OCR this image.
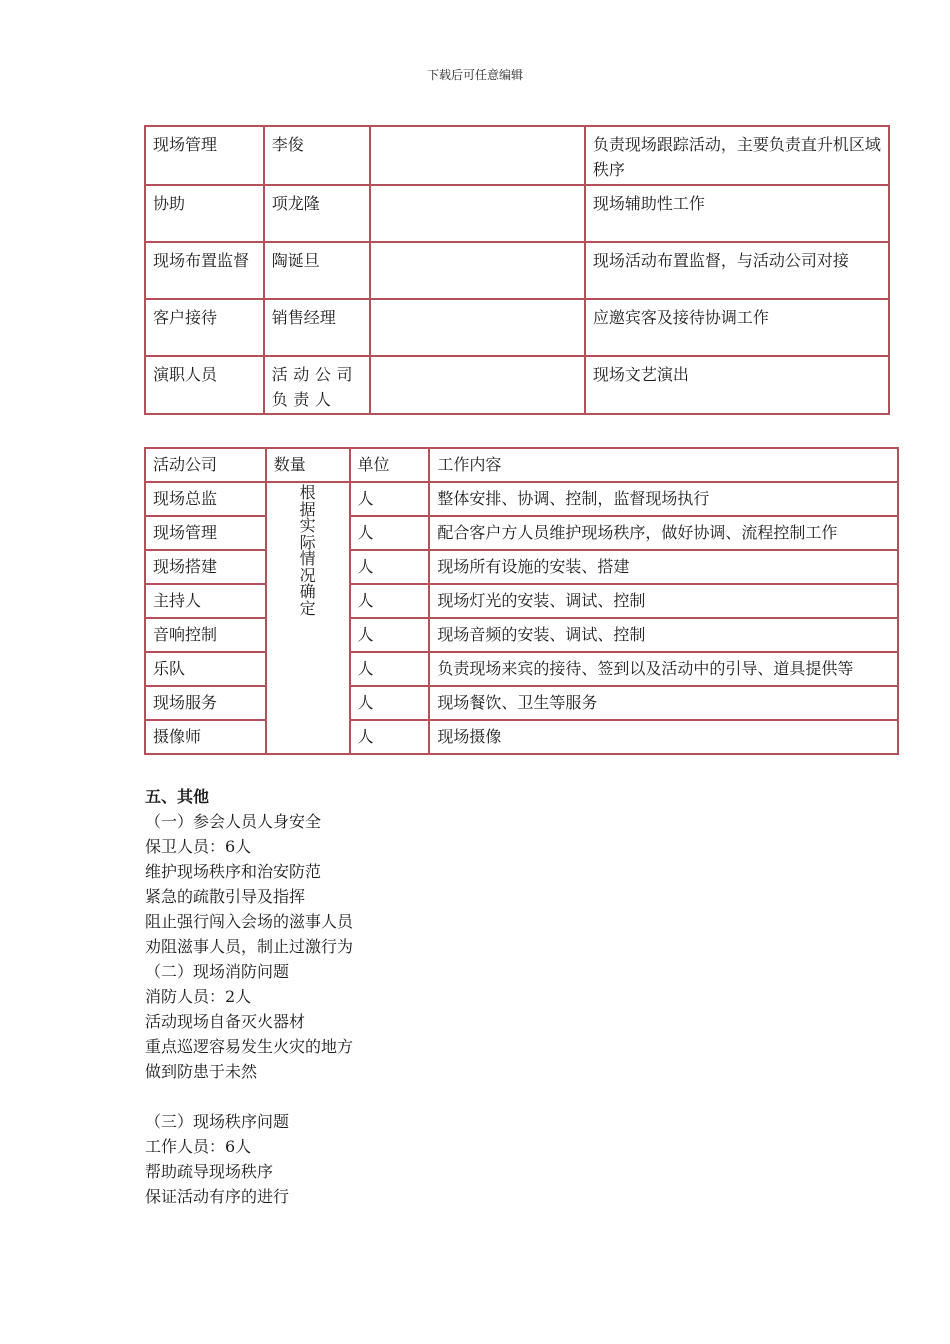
下载后可任意编辑
现场管理	李俊		负责现场跟踪活动，主要负责直升机区域秩序
协助	项龙隆		现场辅助性工作
现场布置监督	陶诞旦		现场活动布置监督，与活动公司对接
客户接待	销售经理		应邀宾客及接待协调工作
演职人员	活动公司负责人		现场文艺演出
活动公司	数量	单位	工作内容
现场总监	根据实际情况确定	人	整体安排、协调、控制，监督现场执行
现场管理		人	配合客户方人员维护现场秩序，做好协调、流程控制工作
现场搭建		人	现场所有设施的安装、搭建
主持人		人	现场灯光的安装、调试、控制
音响控制		人	现场音频的安装、调试、控制
乐队		人	负责现场来宾的接待、签到以及活动中的引导、道具提供等
现场服务		人	现场餐饮、卫生等服务
摄像师		人	现场摄像

五、其他

（一）参会人员人身安全

保卫人员：6人

维护现场秩序和治安防范

紧急的疏散引导及指挥

阻止强行闯入会场的滋事人员

劝阻滋事人员，制止过激行为

（二）现场消防问题

消防人员：2人

活动现场自备灭火器材

重点巡逻容易发生火灾的地方

做到防患于未然

（三）现场秩序问题

工作人员：6人

帮助疏导现场秩序

保证活动有序的进行
